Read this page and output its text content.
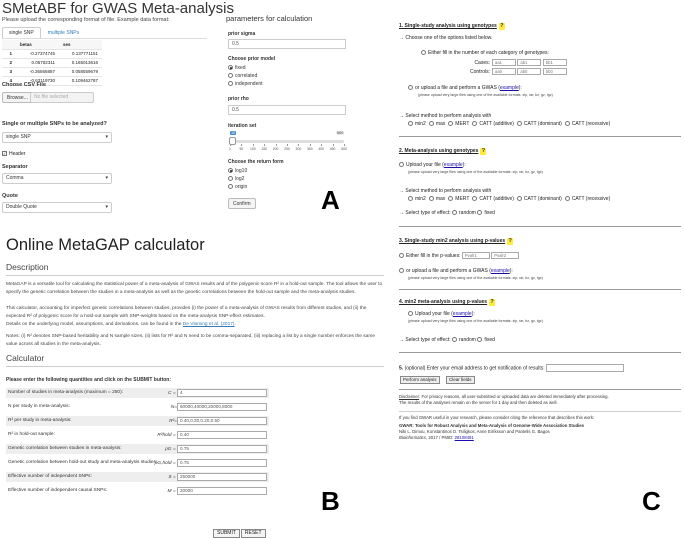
SMetABF for GWAS Meta-analysis
Please upload the corresponding format of file. Example data format:
single SNP	multiple SNPs
	betas	ses
1	-0.27374745	0.137771151
2	0.05702311	0.165013616
3	-0.36566887	0.058559679
4	-0.63119730	0.109462787
Choose CSV File
Browse...	No file selected
Single or multiple SNPs to be analyzed?
single SNP	▾
✓ Header
Separator
Comma	▾
Quote
Double Quote	▾
parameters for calculation
prior sigma
0.5
Choose prior model
fixed
correlated
independent
prior rho
0.5
iteration set
10	500
1	50 100 150 200 250 300 350 400 450 500
Choose the return form
log10
log2
origin
Confirm	A
Online MetaGAP calculator
Description
MetaGAP is a versatile tool for calculating the statistical power of a meta-analysis of GWAS results and of the polygenic-score R² in a hold-out sample. The tool allows the user to specify the genetic correlation between the studies in a meta-analysis as well as the genetic correlations between the hold-out sample and the meta-analysis studies.
This calculator, accounting for imperfect genetic correlations between studies, provides (i) the power of a meta-analysis of GWAS results from different studies, and (ii) the expected R² of polygenic score for a hold-out sample with SNP-weights based on the meta-analysis SNP-effect estimates.
Details on the underlying model, assumptions, and derivations, can be found in the De Vlaming et al. (2017).
Notes: (i) R² denotes SNP-based heritability and N sample sizes, (ii) lists for R² and N need to be comma-separated, (iii) replacing a list by a single number enforces the same value across all studies in the meta-analysis.
Calculator
Please enter the following quantities and click on the SUBMIT button:
Number of studies in meta-analysis (maximum = 250):	C = 4
N per study in meta-analysis:	N= 60000,40000,20000,8000
R² per study in meta-analysis:	R²= 0.40,0.30,0.20,0.50
R² in hold-out sample:	R²hold = 0.40
Genetic correlation between studies in meta-analysis:	ρG = 0.75
Genetic correlation between hold-out study and meta-analysis studies:
ρG,hold = 0.75
Effective number of independent SNPs:	S = 250000
Effective number of independent causal SNPs:	M = 20000
SUBMIT	RESET
B
1. Single-study analysis using genotypes ?
→ Choose one of the options listed below.
Either fill in the number of each category of genotypes:
Cases: aa1	ab1	bb1
Controls: aa0	ab0	bb0
or upload a file and perform a GWAS (example):
(please upload very large files using one of the available formats: zip, rar, bz, gz, tgz)
→ Select method to perform analysis with
min2 max MERT CATT (additive) CATT (dominant) CATT (recessive)
2. Meta-analysis using genotypes ?
Upload your file (example):
(please upload very large files using one of the available formats: zip, rar, bz, gz, tgz)
→ Select method to perform analysis with
min2 max MERT CATT (additive) CATT (dominant) CATT (recessive)
→ Select type of effect: random fixed
3. Single-study min2 analysis using p-values ?
Either fill in the p-values: Pvalr1	Pvalr2
or upload a file and perform a GWAS (example):
(please upload very large files using one of the available formats: zip, rar, bz, gz, tgz)
4. min2 meta-analysis using p-values ?
Upload your file (example):
(please upload very large files using one of the available formats: zip, rar, bz, gz, tgz)
→ Select type of effect: random fixed
5. (optional) Enter your email address to get notification of results:
Perform analysis	Clear fields
Disclaimer: For privacy reasons, all user-submitted or uploaded data are deleted immediately after processing.
The results of the analyses remain on the server for 1 day and then deleted as well.
If you find GWAR useful in your research, please consider citing the reference that describes this work:
GWAR: Tools for Robust Analysis and Meta-Analysis of Genome-Wide Association Studies
Niki L. Dimou, Konstantinos D. Tsiligkos, Anne Eiríksson and Pantelis G. Bagos
Bioinformatics, 2017 / PMID: 28108491
C
